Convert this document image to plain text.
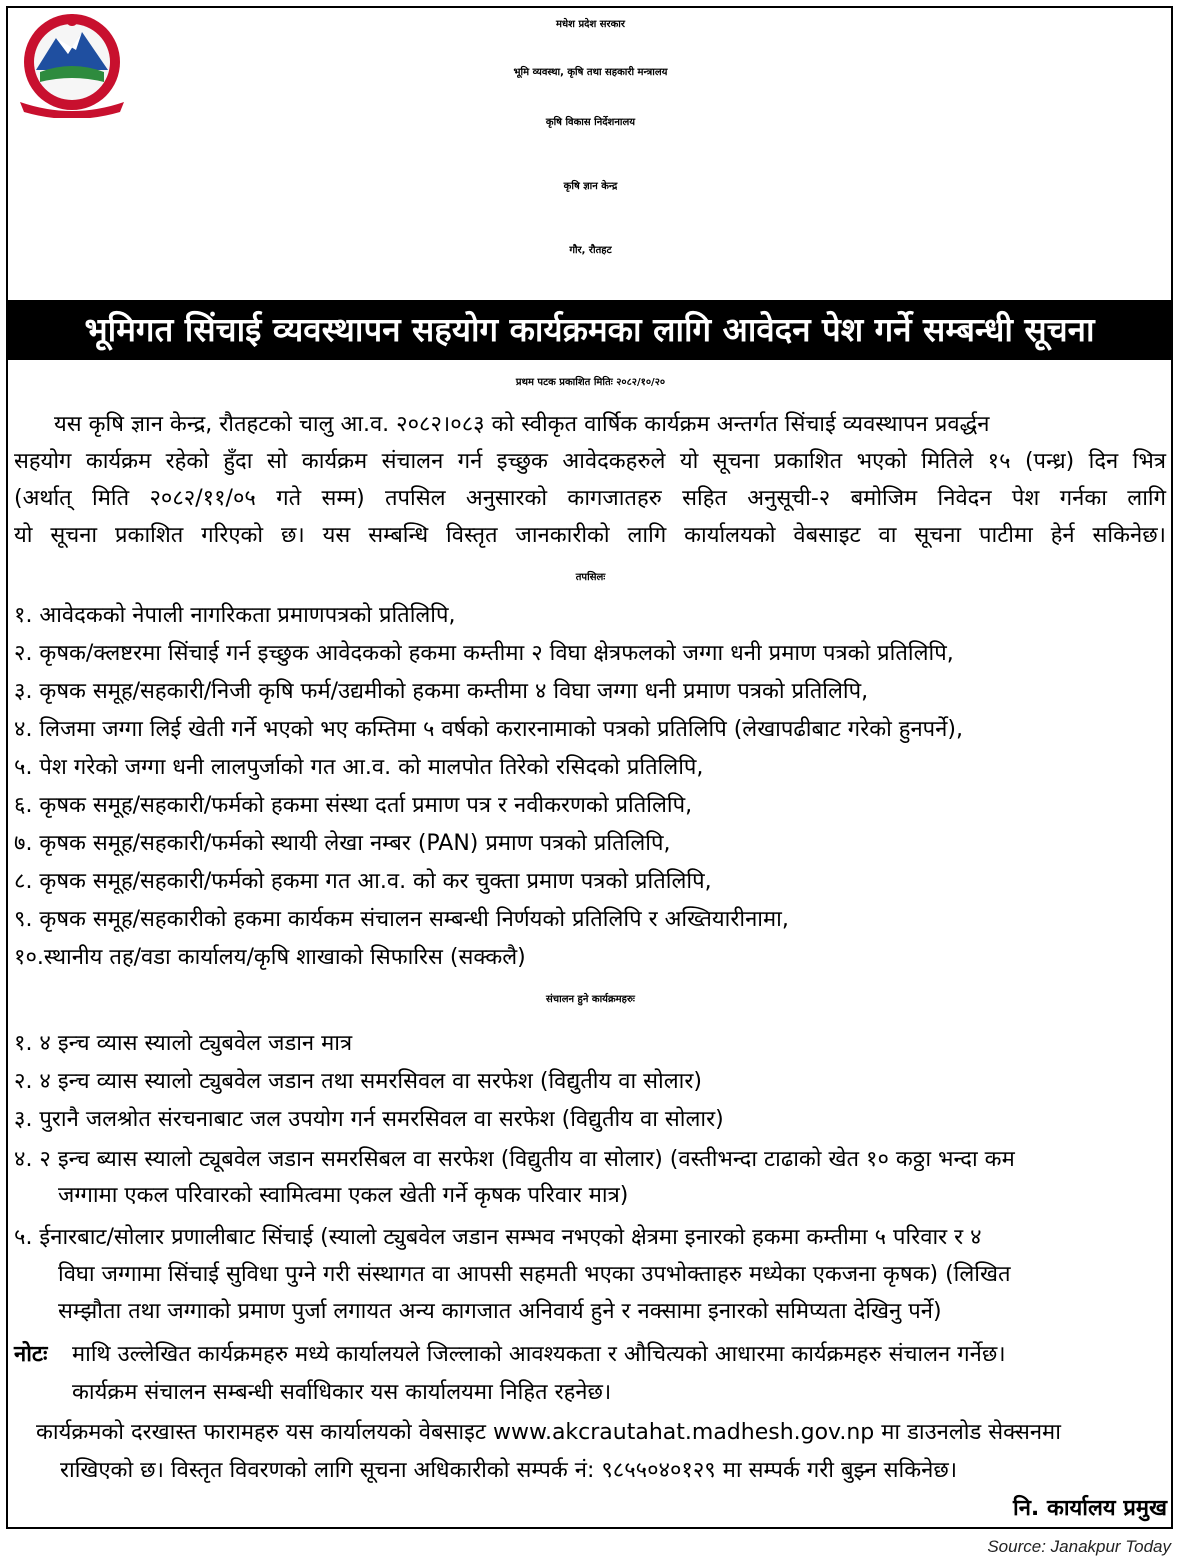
मधेश प्रदेश सरकार
भूमि व्यवस्था, कृषि तथा सहकारी मन्त्रालय
कृषि विकास निर्देशनालय
कृषि ज्ञान केन्द्र
गौर, रौतहट
भूमिगत सिंचाई व्यवस्थापन सहयोग कार्यक्रमका लागि आवेदन पेश गर्ने सम्बन्धी सूचना
प्रथम पटक प्रकाशित मितिः २०८२/१०/२०
यस कृषि ज्ञान केन्द्र, रौतहटको चालु आ.व. २०८२।०८३ को स्वीकृत वार्षिक कार्यक्रम अन्तर्गत सिंचाई व्यवस्थापन प्रवर्द्धन
सहयोग कार्यक्रम रहेको हुँदा सो कार्यक्रम संचालन गर्न इच्छुक आवेदकहरुले यो सूचना प्रकाशित भएको मितिले १५ (पन्ध्र) दिन भित्र
(अर्थात् मिति २०८२/११/०५ गते सम्म) तपसिल अनुसारको कागजातहरु सहित अनुसूची-२ बमोजिम निवेदन पेश गर्नका लागि
यो सूचना प्रकाशित गरिएको छ। यस सम्बन्धि विस्तृत जानकारीको लागि कार्यालयको वेबसाइट वा सूचना पाटीमा हेर्न सकिनेछ।
तपसिलः
१. आवेदकको नेपाली नागरिकता प्रमाणपत्रको प्रतिलिपि,
२. कृषक/क्लष्टरमा सिंचाई गर्न इच्छुक आवेदकको हकमा कम्तीमा २ विघा क्षेत्रफलको जग्गा धनी प्रमाण पत्रको प्रतिलिपि,
३. कृषक समूह/सहकारी/निजी कृषि फर्म/उद्यमीको हकमा कम्तीमा ४ विघा जग्गा धनी प्रमाण पत्रको प्रतिलिपि,
४. लिजमा जग्गा लिई खेती गर्ने भएको भए कम्तिमा ५ वर्षको करारनामाको पत्रको प्रतिलिपि (लेखापढीबाट गरेको हुनपर्ने),
५. पेश गरेको जग्गा धनी लालपुर्जाको गत आ.व. को मालपोत तिरेको रसिदको प्रतिलिपि,
६. कृषक समूह/सहकारी/फर्मको हकमा संस्था दर्ता प्रमाण पत्र र नवीकरणको प्रतिलिपि,
७. कृषक समूह/सहकारी/फर्मको स्थायी लेखा नम्बर (PAN) प्रमाण पत्रको प्रतिलिपि,
८. कृषक समूह/सहकारी/फर्मको हकमा गत आ.व. को कर चुक्ता प्रमाण पत्रको प्रतिलिपि,
९. कृषक समूह/सहकारीको हकमा कार्यकम संचालन सम्बन्धी निर्णयको प्रतिलिपि र अख्तियारीनामा,
१०.स्थानीय तह/वडा कार्यालय/कृषि शाखाको सिफारिस (सक्कलै)
संचालन हुने कार्यक्रमहरुः
१. ४ इन्च व्यास स्यालो ट्युबवेल जडान मात्र
२. ४ इन्च व्यास स्यालो ट्युबवेल जडान तथा समरसिवल वा सरफेश (विद्युतीय वा सोलार)
३. पुरानै जलश्रोत संरचनाबाट जल उपयोग गर्न समरसिवल वा सरफेश (विद्युतीय वा सोलार)
४. २ इन्च ब्यास स्यालो ट्यूबवेल जडान समरसिबल वा सरफेश (विद्युतीय वा सोलार) (वस्तीभन्दा टाढाको खेत १० कठ्ठा भन्दा कम
जग्गामा एकल परिवारको स्वामित्वमा एकल खेती गर्ने कृषक परिवार मात्र)
५. ईनारबाट/सोलार प्रणालीबाट सिंचाई (स्यालो ट्युबवेल जडान सम्भव नभएको क्षेत्रमा इनारको हकमा कम्तीमा ५ परिवार र ४
विघा जग्गामा सिंचाई सुविधा पुग्ने गरी संस्थागत वा आपसी सहमती भएका उपभोक्ताहरु मध्येका एकजना कृषक) (लिखित
सम्झौता तथा जग्गाको प्रमाण पुर्जा लगायत अन्य कागजात अनिवार्य हुने र नक्सामा इनारको समिप्यता देखिनु पर्ने)
नोटः माथि उल्लेखित कार्यक्रमहरु मध्ये कार्यालयले जिल्लाको आवश्यकता र औचित्यको आधारमा कार्यक्रमहरु संचालन गर्नेछ।
कार्यक्रम संचालन सम्बन्धी सर्वाधिकार यस कार्यालयमा निहित रहनेछ।
कार्यक्रमको दरखास्त फारामहरु यस कार्यालयको वेबसाइट www.akcrautahat.madhesh.gov.np मा डाउनलोड सेक्सनमा
राखिएको छ। विस्तृत विवरणको लागि सूचना अधिकारीको सम्पर्क नं: ९८५५०४०१२९ मा सम्पर्क गरी बुझ्न सकिनेछ।
नि. कार्यालय प्रमुख
Source: Janakpur Today
